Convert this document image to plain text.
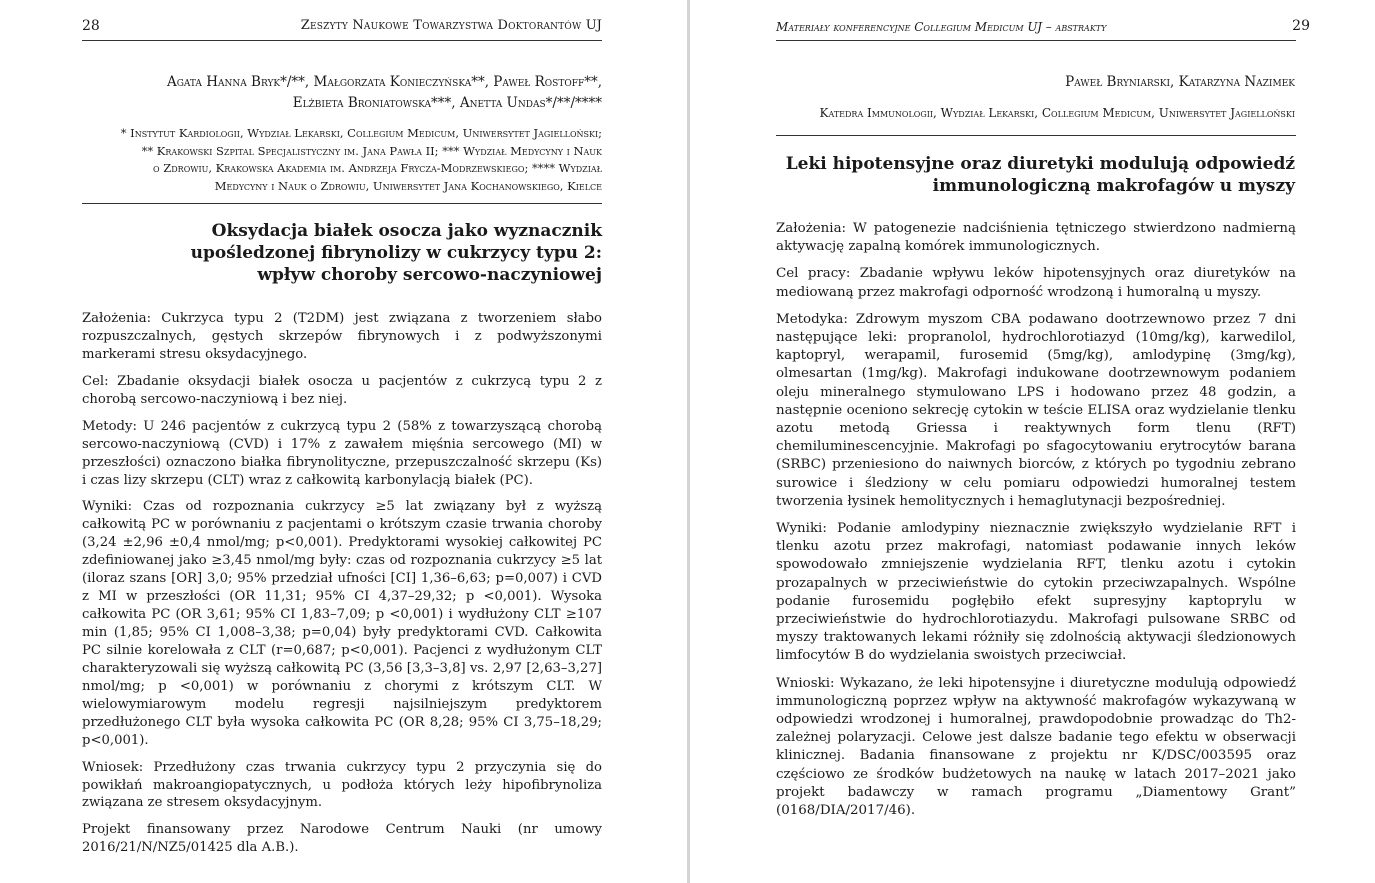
28	Zeszyty Naukowe Towarzystwa Doktorantów UJ
Agata Hanna Bryk*/**, Małgorzata Konieczyńska**, Paweł Rostoff**,
Elżbieta Broniatowska***, Anetta Undas*/**/****
* Instytut Kardiologii, Wydział Lekarski, Collegium Medicum, Uniwersytet Jagielloński;
** Krakowski Szpital Specjalistyczny im. Jana Pawła II; *** Wydział Medycyny i Nauk
o Zdrowiu, Krakowska Akademia im. Andrzeja Frycza-Modrzewskiego; **** Wydział
Medycyny i Nauk o Zdrowiu, Uniwersytet Jana Kochanowskiego, Kielce
Oksydacja białek osocza jako wyznacznik
upośledzonej fibrynolizy w cukrzycy typu 2:
wpływ choroby sercowo-naczyniowej

Założenia: Cukrzyca typu 2 (T2DM) jest związana z tworzeniem słabo rozpuszczalnych, gęstych skrzepów fibrynowych i z podwyższonymi markerami stresu oksydacyjnego.

Cel: Zbadanie oksydacji białek osocza u pacjentów z cukrzycą typu 2 z chorobą sercowo-naczyniową i bez niej.

Metody: U 246 pacjentów z cukrzycą typu 2 (58% z towarzyszącą chorobą sercowo-naczyniową (CVD) i 17% z zawałem mięśnia sercowego (MI) w przeszłości) oznaczono białka fibrynolityczne, przepuszczalność skrzepu (Ks) i czas lizy skrzepu (CLT) wraz z całkowitą karbonylacją białek (PC).

Wyniki: Czas od rozpoznania cukrzycy ≥5 lat związany był z wyższą całkowitą PC w porównaniu z pacjentami o krótszym czasie trwania choroby (3,24 ±2,96 ±0,4 nmol/mg; p<0,001). Predyktorami wysokiej całkowitej PC zdefiniowanej jako ≥3,45 nmol/mg były: czas od rozpoznania cukrzycy ≥5 lat (iloraz szans [OR] 3,0; 95% przedział ufności [CI] 1,36–6,63; p=0,007) i CVD z MI w przeszłości (OR 11,31; 95% CI 4,37–29,32; p <0,001). Wysoka całkowita PC (OR 3,61; 95% CI 1,83–7,09; p <0,001) i wydłużony CLT ≥107 min (1,85; 95% CI 1,008–3,38; p=0,04) były predyktorami CVD. Całkowita PC silnie korelowała z CLT (r=0,687; p<0,001). Pacjenci z wydłużonym CLT charakteryzowali się wyższą całkowitą PC (3,56 [3,3–3,8] vs. 2,97 [2,63–3,27] nmol/mg; p <0,001) w porównaniu z chorymi z krótszym CLT. W wielowymiarowym modelu regresji najsilniejszym predyktorem przedłużonego CLT była wysoka całkowita PC (OR 8,28; 95% CI 3,75–18,29; p<0,001).

Wniosek: Przedłużony czas trwania cukrzycy typu 2 przyczynia się do powikłań makroangiopatycznych, u podłoża których leży hipofibrynoliza związana ze stresem oksydacyjnym.

Projekt finansowany przez Narodowe Centrum Nauki (nr umowy 2016/21/N/NZ5/01425 dla A.B.).

Materiały konferencyjne Collegium Medicum UJ – abstrakty	29
Paweł Bryniarski, Katarzyna Nazimek
Katedra Immunologii, Wydział Lekarski, Collegium Medicum, Uniwersytet Jagielloński
Leki hipotensyjne oraz diuretyki modulują odpowiedź
immunologiczną makrofagów u myszy

Założenia: W patogenezie nadciśnienia tętniczego stwierdzono nadmierną aktywację zapalną komórek immunologicznych.

Cel pracy: Zbadanie wpływu leków hipotensyjnych oraz diuretyków na mediowaną przez makrofagi odporność wrodzoną i humoralną u myszy.

Metodyka: Zdrowym myszom CBA podawano dootrzewnowo przez 7 dni następujące leki: propranolol, hydrochlorotiazyd (10mg/kg), karwedilol, kaptopryl, werapamil, furosemid (5mg/kg), amlodypinę (3mg/kg), olmesartan (1mg/kg). Makrofagi indukowane dootrzewnowym podaniem oleju mineralnego stymulowano LPS i hodowano przez 48 godzin, a następnie oceniono sekrecję cytokin w teście ELISA oraz wydzielanie tlenku azotu metodą Griessa i reaktywnych form tlenu (RFT) chemiluminescencyjnie. Makrofagi po sfagocytowaniu erytrocytów barana (SRBC) przeniesiono do naiwnych biorców, z których po tygodniu zebrano surowice i śledziony w celu pomiaru odpowiedzi humoralnej testem tworzenia łysinek hemolitycznych i hemaglutynacji bezpośredniej.

Wyniki: Podanie amlodypiny nieznacznie zwiększyło wydzielanie RFT i tlenku azotu przez makrofagi, natomiast podawanie innych leków spowodowało zmniejszenie wydzielania RFT, tlenku azotu i cytokin prozapalnych w przeciwieństwie do cytokin przeciwzapalnych. Wspólne podanie furosemidu pogłębiło efekt supresyjny kaptoprylu w przeciwieństwie do hydrochlorotiazydu. Makrofagi pulsowane SRBC od myszy traktowanych lekami różniły się zdolnością aktywacji śledzionowych limfocytów B do wydzielania swoistych przeciwciał.

Wnioski: Wykazano, że leki hipotensyjne i diuretyczne modulują odpowiedź immunologiczną poprzez wpływ na aktywność makrofagów wykazywaną w odpowiedzi wrodzonej i humoralnej, prawdopodobnie prowadząc do Th2-zależnej polaryzacji. Celowe jest dalsze badanie tego efektu w obserwacji klinicznej. Badania finansowane z projektu nr K/DSC/003595 oraz częściowo ze środków budżetowych na naukę w latach 2017–2021 jako projekt badawczy w ramach programu „Diamentowy Grant” (0168/DIA/2017/46).
